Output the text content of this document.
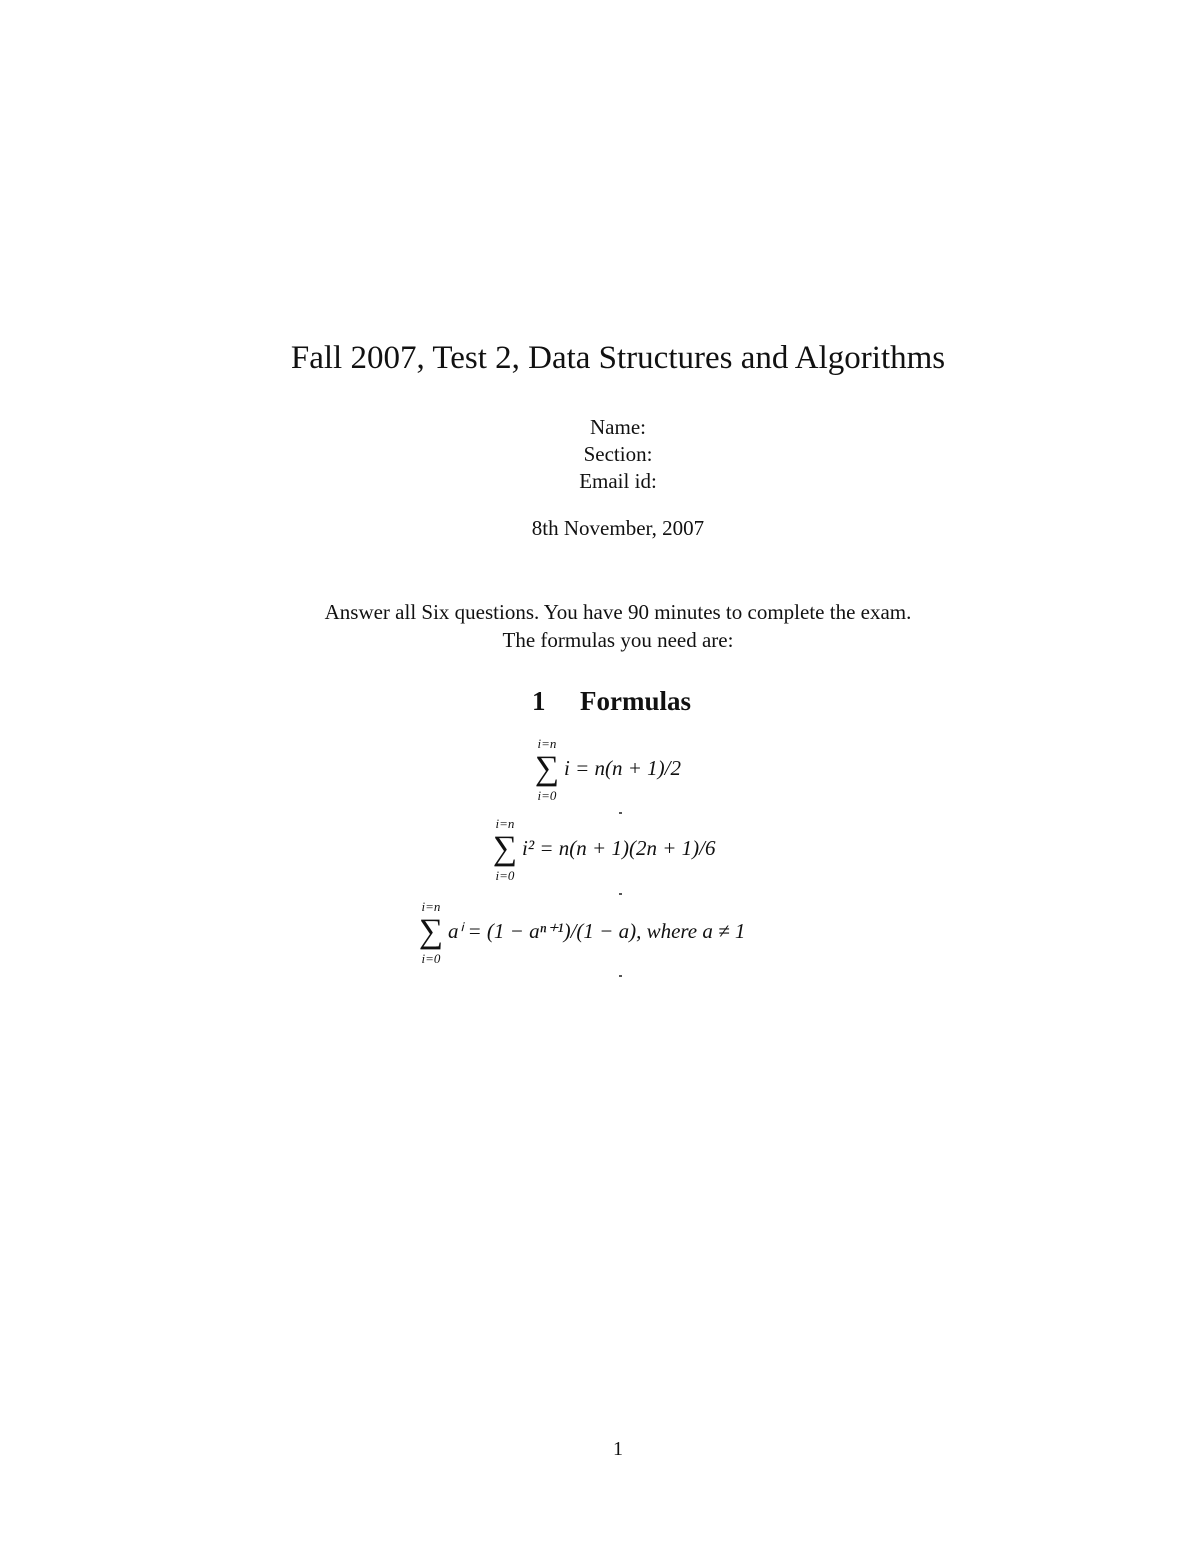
Fall 2007, Test 2, Data Structures and Algorithms
Name:
Section:
Email id:
8th November, 2007
Answer all Six questions. You have 90 minutes to complete the exam.
The formulas you need are:
1 Formulas
i=n
∑
i=0
i = n(n + 1)/2
i=n
∑
i=0
i² = n(n + 1)(2n + 1)/6
i=n
∑
i=0
aⁱ = (1 − aⁿ⁺¹)/(1 − a), where a ≠ 1
1
